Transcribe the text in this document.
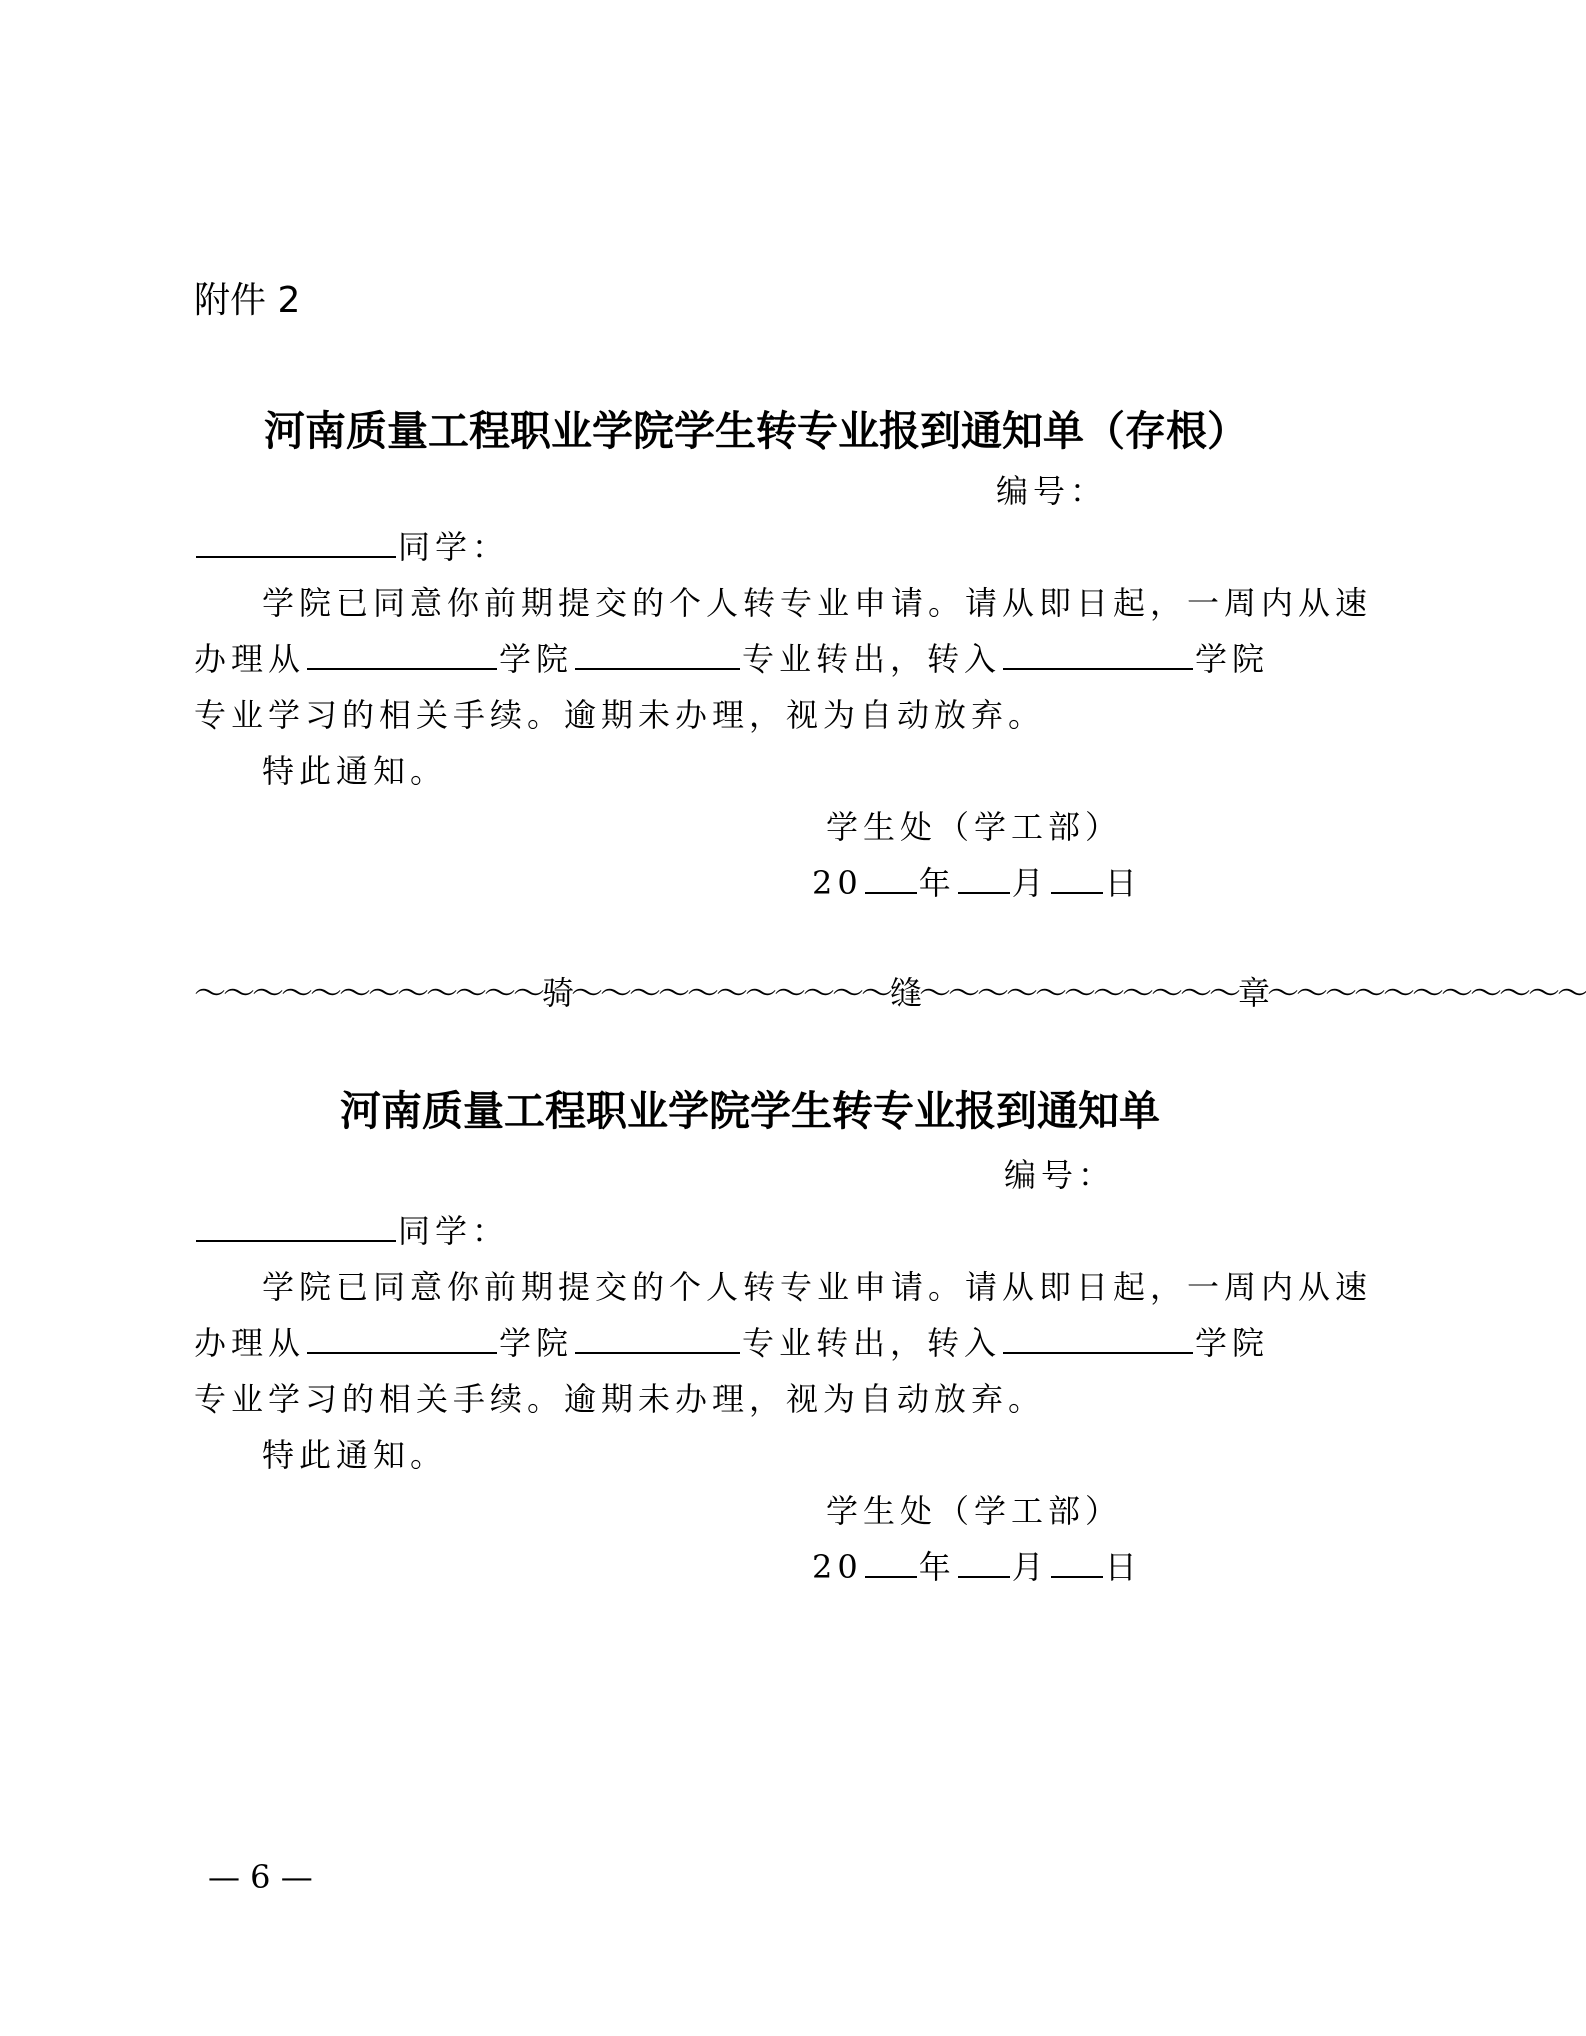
附件 2
河南质量工程职业学院学生转专业报到通知单（存根）
编号：
同学：
学院已同意你前期提交的个人转专业申请。请从即日起，一周内从速
办理从	学院	专业转出，转入	学院
专业学习的相关手续。逾期未办理，视为自动放弃。
特此通知。
学生处（学工部）
20 年 月 日
～～～～～～～～～～～～骑～～～～～～～～～～～缝～～～～～～～～～～～章～～～～～～～～～～～
河南质量工程职业学院学生转专业报到通知单
编号：
同学：
学院已同意你前期提交的个人转专业申请。请从即日起，一周内从速
办理从	学院	专业转出，转入	学院
专业学习的相关手续。逾期未办理，视为自动放弃。
特此通知。
学生处（学工部）
20 年 月 日
— 6 —
